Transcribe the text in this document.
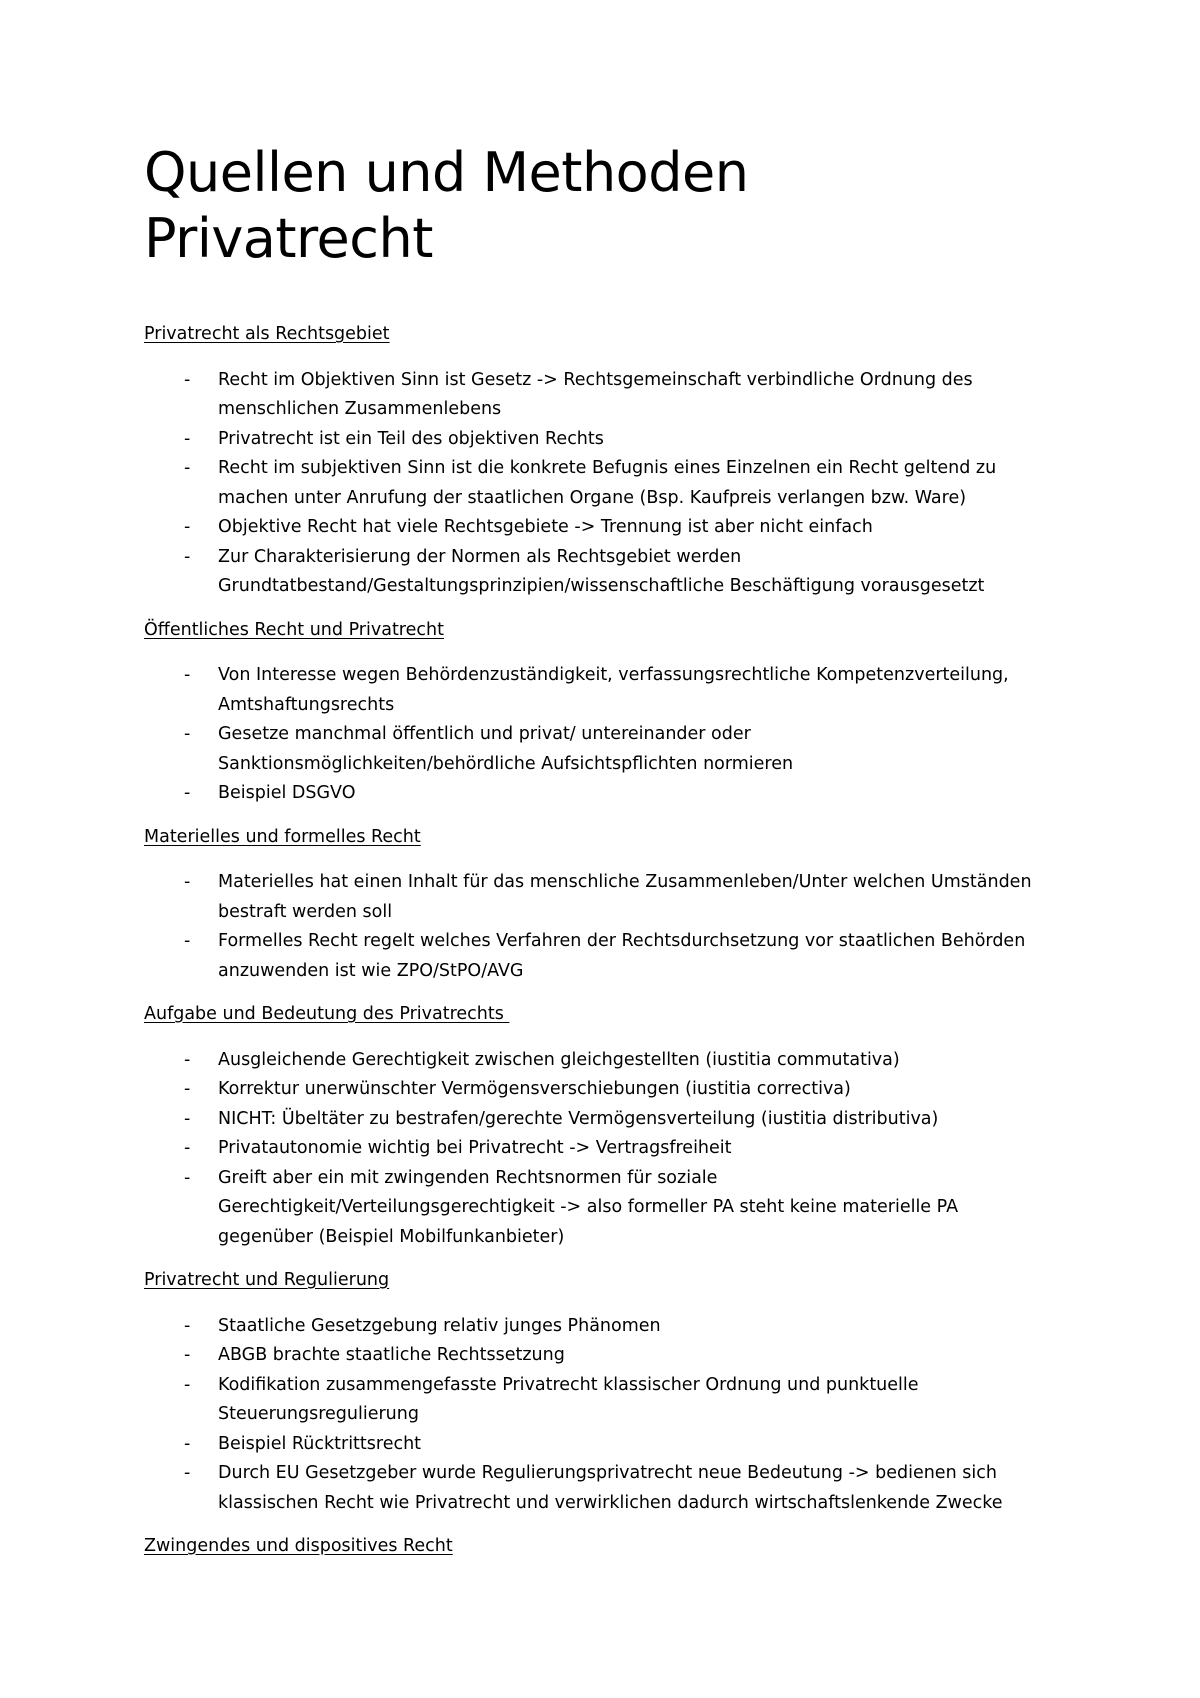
Quellen und Methoden
Privatrecht
Privatrecht als Rechtsgebiet
- Recht im Objektiven Sinn ist Gesetz -> Rechtsgemeinschaft verbindliche Ordnung des
menschlichen Zusammenlebens
- Privatrecht ist ein Teil des objektiven Rechts
- Recht im subjektiven Sinn ist die konkrete Befugnis eines Einzelnen ein Recht geltend zu
machen unter Anrufung der staatlichen Organe (Bsp. Kaufpreis verlangen bzw. Ware)
- Objektive Recht hat viele Rechtsgebiete -> Trennung ist aber nicht einfach
- Zur Charakterisierung der Normen als Rechtsgebiet werden
Grundtatbestand/Gestaltungsprinzipien/wissenschaftliche Beschäftigung vorausgesetzt
Öffentliches Recht und Privatrecht
- Von Interesse wegen Behördenzuständigkeit, verfassungsrechtliche Kompetenzverteilung,
Amtshaftungsrechts
- Gesetze manchmal öffentlich und privat/ untereinander oder
Sanktionsmöglichkeiten/behördliche Aufsichtspflichten normieren
- Beispiel DSGVO
Materielles und formelles Recht
- Materielles hat einen Inhalt für das menschliche Zusammenleben/Unter welchen Umständen
bestraft werden soll
- Formelles Recht regelt welches Verfahren der Rechtsdurchsetzung vor staatlichen Behörden
anzuwenden ist wie ZPO/StPO/AVG
Aufgabe und Bedeutung des Privatrechts
- Ausgleichende Gerechtigkeit zwischen gleichgestellten (iustitia commutativa)
- Korrektur unerwünschter Vermögensverschiebungen (iustitia correctiva)
- NICHT: Übeltäter zu bestrafen/gerechte Vermögensverteilung (iustitia distributiva)
- Privatautonomie wichtig bei Privatrecht -> Vertragsfreiheit
- Greift aber ein mit zwingenden Rechtsnormen für soziale
Gerechtigkeit/Verteilungsgerechtigkeit -> also formeller PA steht keine materielle PA
gegenüber (Beispiel Mobilfunkanbieter)
Privatrecht und Regulierung
- Staatliche Gesetzgebung relativ junges Phänomen
- ABGB brachte staatliche Rechtssetzung
- Kodifikation zusammengefasste Privatrecht klassischer Ordnung und punktuelle
Steuerungsregulierung
- Beispiel Rücktrittsrecht
- Durch EU Gesetzgeber wurde Regulierungsprivatrecht neue Bedeutung -> bedienen sich
klassischen Recht wie Privatrecht und verwirklichen dadurch wirtschaftslenkende Zwecke
Zwingendes und dispositives Recht
